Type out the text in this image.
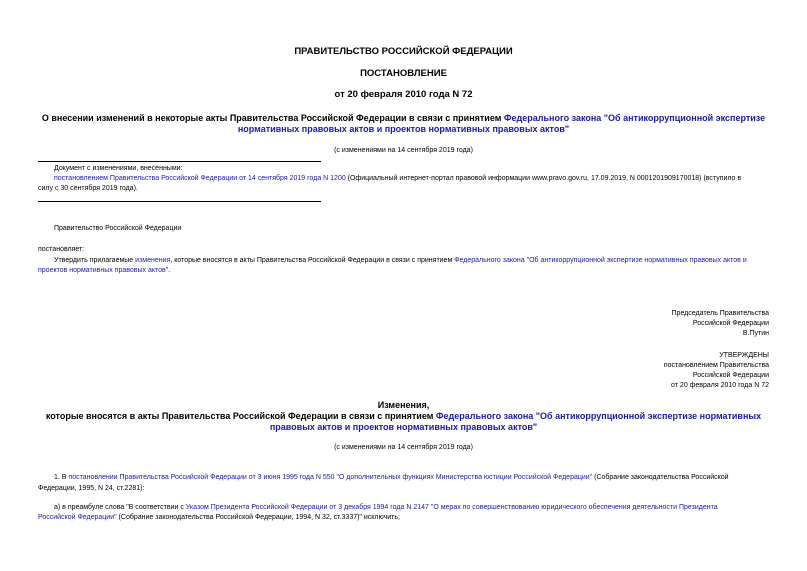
ПРАВИТЕЛЬСТВО РОССИЙСКОЙ ФЕДЕРАЦИИ
ПОСТАНОВЛЕНИЕ
от 20 февраля 2010 года N 72
О внесении изменений в некоторые акты Правительства Российской Федерации в связи с принятием Федерального закона "Об антикоррупционной экспертизе
нормативных правовых актов и проектов нормативных правовых актов"
(с изменениями на 14 сентября 2019 года)
Документ с изменениями, внесенными:
постановлением Правительства Российской Федерации от 14 сентября 2019 года N 1200 (Официальный интернет-портал правовой информации www.pravo.gov.ru, 17.09.2019, N 0001201909170018) (вступило в
силу с 30 сентября 2019 года).
Правительство Российской Федерации
постановляет:
Утвердить прилагаемые изменения, которые вносятся в акты Правительства Российской Федерации в связи с принятием Федерального закона "Об антикоррупционной экспертизе нормативных правовых актов и
проектов нормативных правовых актов".
Председатель Правительства
Российской Федерации
В.Путин
УТВЕРЖДЕНЫ
постановлением Правительства
Российской Федерации
от 20 февраля 2010 года N 72
Изменения,
которые вносятся в акты Правительства Российской Федерации в связи с принятием Федерального закона "Об антикоррупционной экспертизе нормативных
правовых актов и проектов нормативных правовых актов"
(с изменениями на 14 сентября 2019 года)
1. В постановлении Правительства Российской Федерации от 3 июня 1995 года N 550 "О дополнительных функциях Министерства юстиции Российской Федерации" (Собрание законодательства Российской
Федерации, 1995, N 24, ст.2281):
а) в преамбуле слова "В соответствии с Указом Президента Российской Федерации от 3 декабря 1994 года N 2147 "О мерах по совершенствованию юридического обеспечения деятельности Президента
Российской Федерации" (Собрание законодательства Российской Федерации, 1994, N 32, ст.3337)" исключить;
